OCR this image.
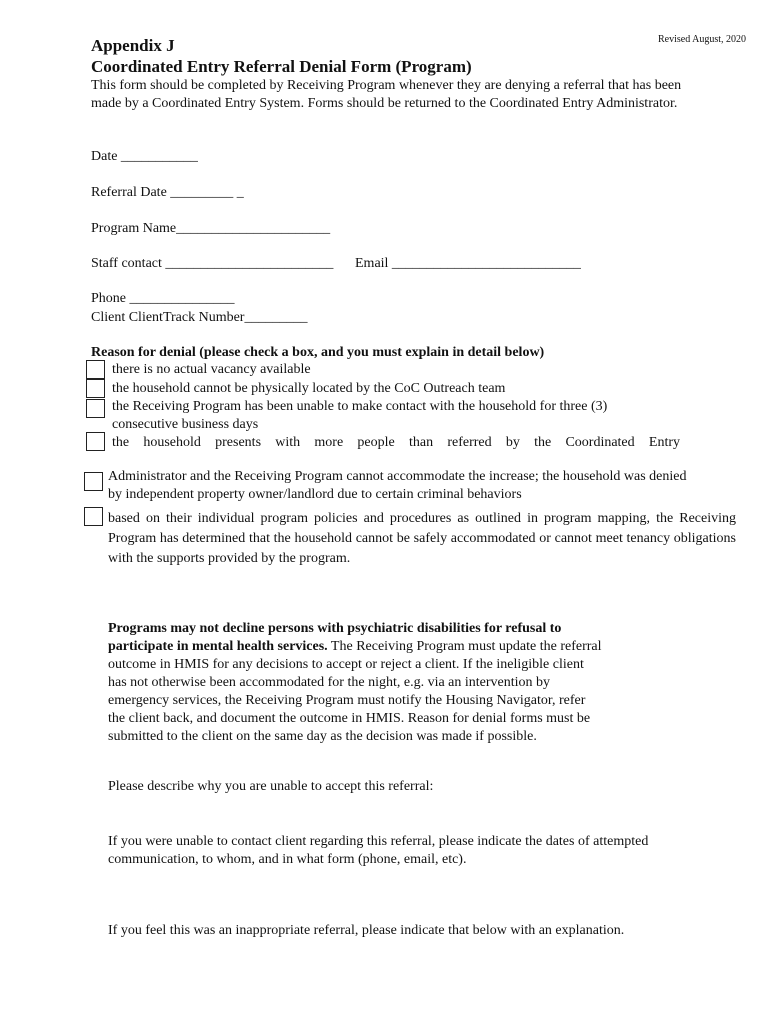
Revised August, 2020
Appendix J
Coordinated Entry Referral Denial Form (Program)
This form should be completed by Receiving Program whenever they are denying a referral that has been made by a Coordinated Entry System. Forms should be returned to the Coordinated Entry Administrator.
Date ___________
Referral Date _________ _
Program Name______________________
Staff contact ________________________ Email ___________________________
Phone _______________
Client ClientTrack Number_________
Reason for denial (please check a box, and you must explain in detail below)
there is no actual vacancy available
the household cannot be physically located by the CoC Outreach team
the Receiving Program has been unable to make contact with the household for three (3)
consecutive business days
the household presents with more people than referred by the Coordinated Entry
Administrator and the Receiving Program cannot accommodate the increase; the household was denied
by independent property owner/landlord due to certain criminal behaviors
based on their individual program policies and procedures as outlined in program mapping, the Receiving Program has determined that the household cannot be safely accommodated or cannot meet tenancy obligations with the supports provided by the program.
Programs may not decline persons with psychiatric disabilities for refusal to participate in mental health services. The Receiving Program must update the referral outcome in HMIS for any decisions to accept or reject a client. If the ineligible client has not otherwise been accommodated for the night, e.g. via an intervention by emergency services, the Receiving Program must notify the Housing Navigator, refer the client back, and document the outcome in HMIS. Reason for denial forms must be submitted to the client on the same day as the decision was made if possible.
Please describe why you are unable to accept this referral:
If you were unable to contact client regarding this referral, please indicate the dates of attempted communication, to whom, and in what form (phone, email, etc).
If you feel this was an inappropriate referral, please indicate that below with an explanation.
